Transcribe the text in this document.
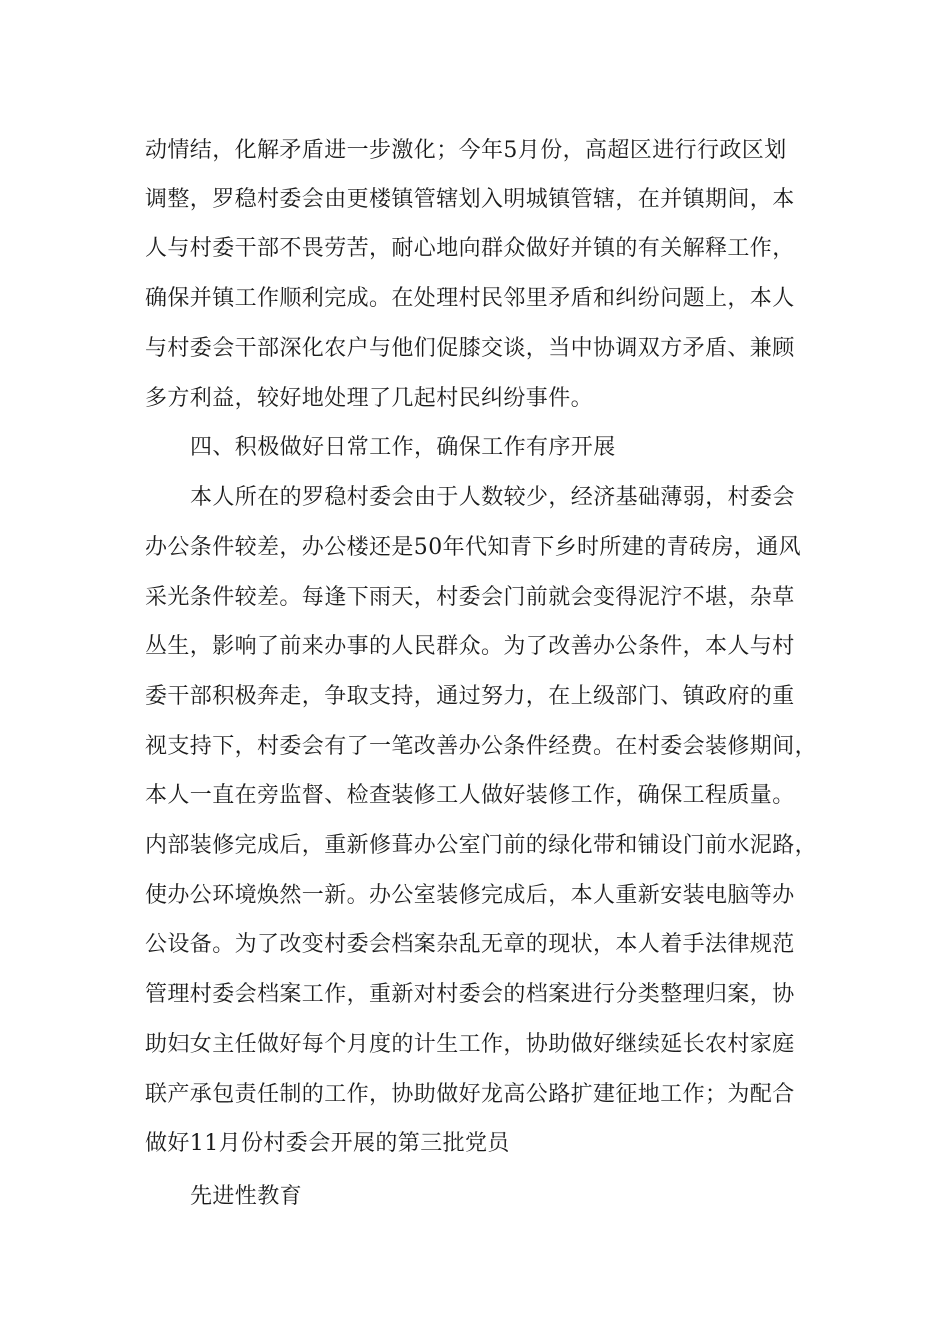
动情结，化解矛盾进一步激化；今年5月份，高超区进行行政区划
调整，罗稳村委会由更楼镇管辖划入明城镇管辖，在并镇期间，本
人与村委干部不畏劳苦，耐心地向群众做好并镇的有关解释工作，
确保并镇工作顺利完成。在处理村民邻里矛盾和纠纷问题上，本人
与村委会干部深化农户与他们促膝交谈，当中协调双方矛盾、兼顾
多方利益，较好地处理了几起村民纠纷事件。
四、积极做好日常工作，确保工作有序开展
本人所在的罗稳村委会由于人数较少，经济基础薄弱，村委会
办公条件较差，办公楼还是50年代知青下乡时所建的青砖房，通风
采光条件较差。每逢下雨天，村委会门前就会变得泥泞不堪，杂草
丛生，影响了前来办事的人民群众。为了改善办公条件，本人与村
委干部积极奔走，争取支持，通过努力，在上级部门、镇政府的重
视支持下，村委会有了一笔改善办公条件经费。在村委会装修期间，
本人一直在旁监督、检查装修工人做好装修工作，确保工程质量。
内部装修完成后，重新修葺办公室门前的绿化带和铺设门前水泥路，
使办公环境焕然一新。办公室装修完成后，本人重新安装电脑等办
公设备。为了改变村委会档案杂乱无章的现状，本人着手法律规范
管理村委会档案工作，重新对村委会的档案进行分类整理归案，协
助妇女主任做好每个月度的计生工作，协助做好继续延长农村家庭
联产承包责任制的工作，协助做好龙高公路扩建征地工作；为配合
做好11月份村委会开展的第三批党员
先进性教育
